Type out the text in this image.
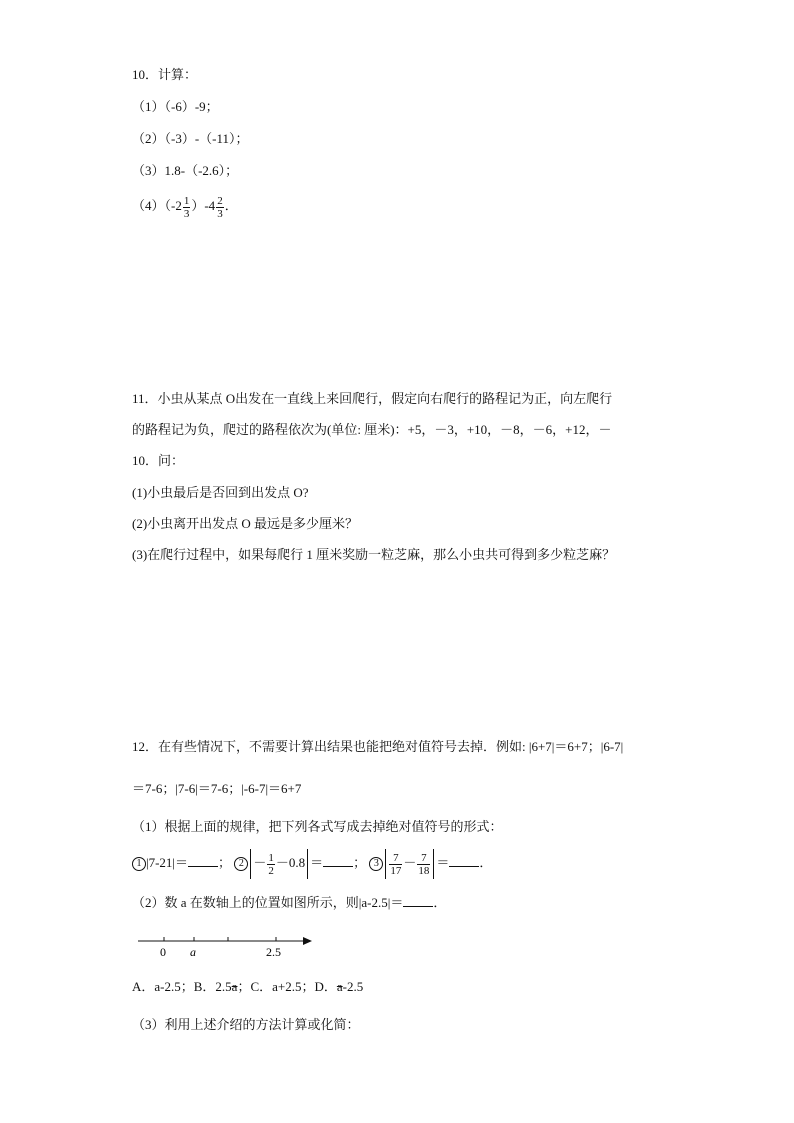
10．计算：
（1）（-6）-9；
（2）（-3）-（-11）；
（3）1.8-（-2.6）；
$(4)(-2 \frac{1}{3} )-4 \frac{2}{3}$ ．
11．小虫从某点 O出发在一直线上来回爬行，假定向右爬行的路程记为正，向左爬行
的路程记为负，爬过的路程依次为(单位: 厘米)：+5，－3，+10，－8，－6，+12，－
10．问：
(1)小虫最后是否回到出发点 O?
(2)小虫离开出发点 O 最远是多少厘米？
(3)在爬行过程中，如果每爬行 1 厘米奖励一粒芝麻，那么小虫共可得到多少粒芝麻？
12．在有些情况下，不需要计算出结果也能把绝对值符号去掉．例如: |6+7|＝6+7；|6-7|
＝7-6；|7-6|＝7-6；|-6-7|＝6+7
（1）根据上面的规律，把下列各式写成去掉绝对值符号的形式：
1 |7-21|＝ ； $2 - \frac{1}{2} -0.8$ ＝ ； $3 \frac{7}{17} - \frac{7}{18}$ ＝ ．
（2）数 a 在数轴上的位置如图所示，则|a-2.5|＝ ．
0 a	2.5
A．a-2.5；B．2.5a；C．a+2.5；D．a-2.5
（3）利用上述介绍的方法计算或化简：
